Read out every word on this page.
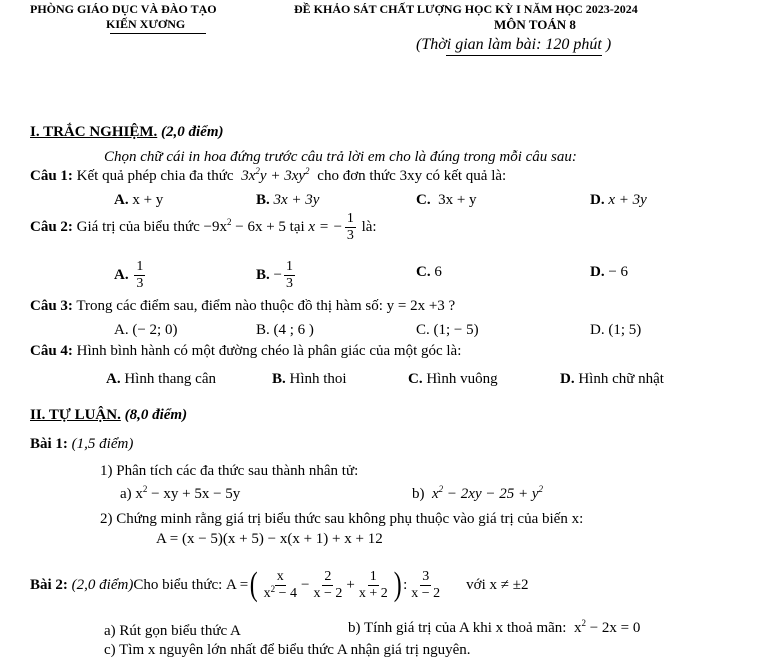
PHÒNG GIÁO DỤC VÀ ĐÀO TẠO
KIẾN XƯƠNG
ĐỀ KHẢO SÁT CHẤT LƯỢNG HỌC KỲ I NĂM HỌC 2023-2024
MÔN TOÁN 8
(Thời gian làm bài: 120 phút )
I. TRẮC NGHIỆM. (2,0 điểm)
Chọn chữ cái in hoa đứng trước câu trả lời em cho là đúng trong mỗi câu sau:
Câu 1: Kết quả phép chia đa thức $3x^2y + 3xy^2$ cho đơn thức 3xy có kết quả là:
A. x + y	B. 3x + 3y	C.  3x + y	D. x + 3y
Câu 2:
Giá trị của biểu thức
$-9x^2 - 6x + 5$
tại
x = − $\frac{1}{3}$
là:
A.
$\frac{1}{3}$	B. − $\frac{1}{3}$	C. 6	D. − 6
Câu 3: Trong các điểm sau, điểm nào thuộc đồ thị hàm số: y = 2x +3 ?
A. (− 2; 0)	B. (4 ; 6 )	C. (1; − 5)	D. (1; 5)
Câu 4: Hình bình hành có một đường chéo là phân giác của một góc là:
A. Hình thang cân	B. Hình thoi	C. Hình vuông	D. Hình chữ nhật
II. TỰ LUẬN. (8,0 điểm)
Bài 1: (1,5 điểm)
1) Phân tích các đa thức sau thành nhân tử:
a) $x^2$ − xy + 5x − 5y	b) $x^2 - 2xy - 25 + y^2$
2) Chứng minh rằng giá trị biểu thức sau không phụ thuộc vào giá trị của biến x:
A = (x − 5)(x + 5) − x(x + 1) + x + 12
Bài 2:
(2,0 điểm) Cho biểu thức:
A = ( $\frac{x}{x^2 - 4} - \frac{2}{x - 2} + \frac{1}{x + 2}$ ) : $\frac{3}{x - 2}$ với x ≠ ±2
a) Rút gọn biểu thức A	b) Tính giá trị của A khi x thoả mãn: $x^2 - 2x = 0$
c) Tìm x nguyên lớn nhất để biểu thức A nhận giá trị nguyên.
